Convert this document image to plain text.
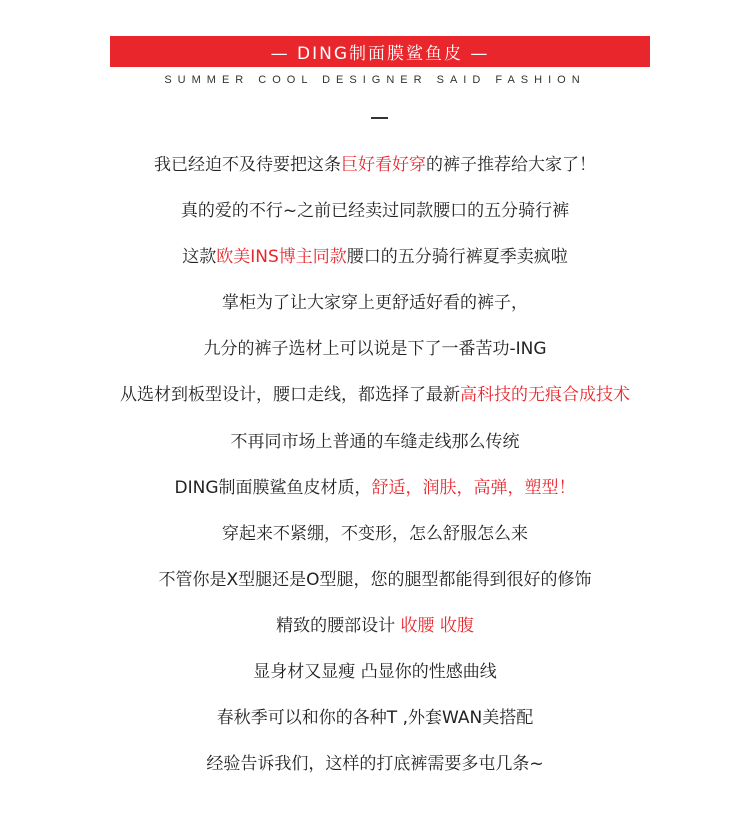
— DING制面膜鲨鱼皮 —
SUMMER COOL DESIGNER SAID FASHION
我已经迫不及待要把这条巨好看好穿的裤子推荐给大家了！
真的爱的不行~之前已经卖过同款腰口的五分骑行裤
这款欧美INS博主同款腰口的五分骑行裤夏季卖疯啦
掌柜为了让大家穿上更舒适好看的裤子，
九分的裤子选材上可以说是下了一番苦功-ING
从选材到板型设计，腰口走线，都选择了最新高科技的无痕合成技术
不再同市场上普通的车缝走线那么传统
DING制面膜鲨鱼皮材质，舒适，润肤，高弹，塑型！
穿起来不紧绷，不变形，怎么舒服怎么来
不管你是X型腿还是O型腿，您的腿型都能得到很好的修饰
精致的腰部设计 收腰 收腹
显身材又显瘦 凸显你的性感曲线
春秋季可以和你的各种T ,外套WAN美搭配
经验告诉我们，这样的打底裤需要多屯几条~
